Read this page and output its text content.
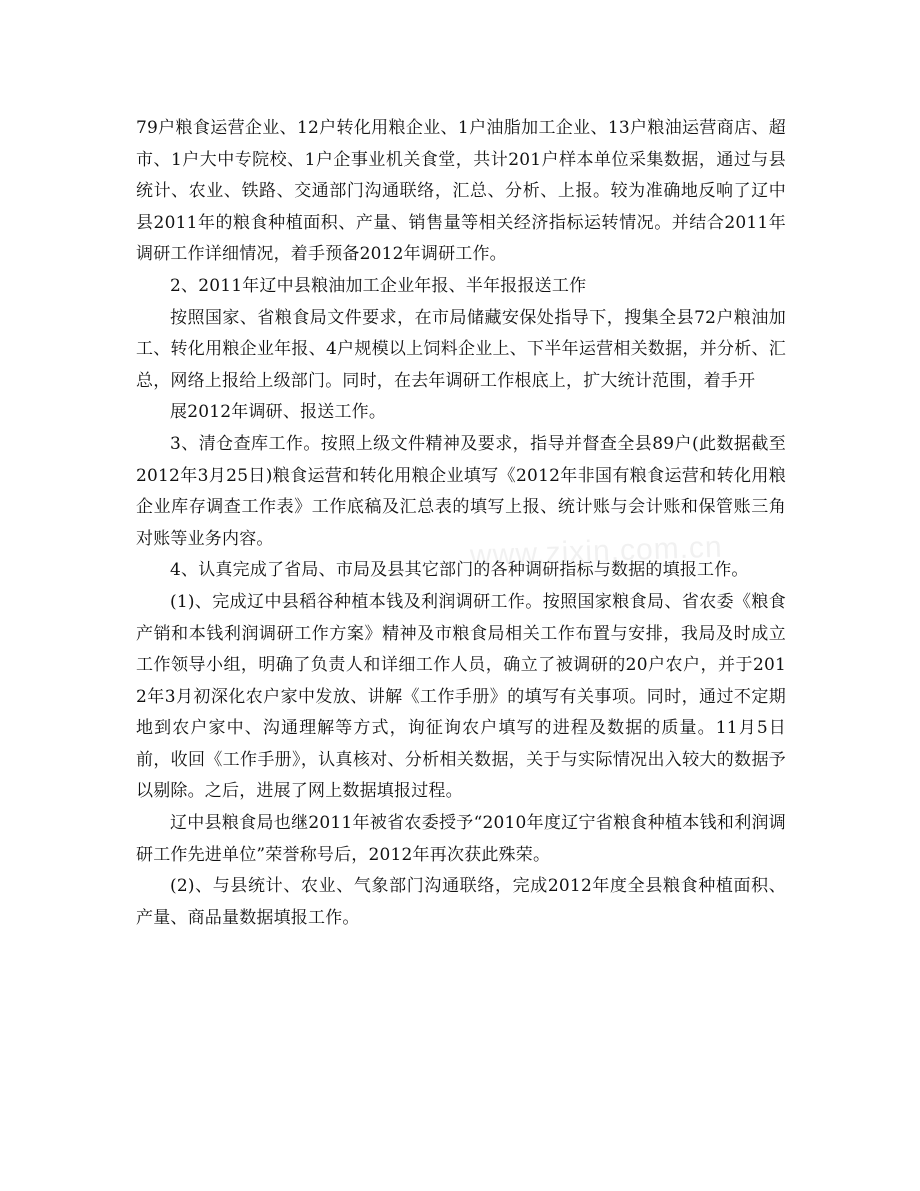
79户粮食运营企业、12户转化用粮企业、1户油脂加工企业、13户粮油运营商店、超市、1户大中专院校、1户企事业机关食堂，共计201户样本单位采集数据，通过与县统计、农业、铁路、交通部门沟通联络，汇总、分析、上报。较为准确地反响了辽中县2011年的粮食种植面积、产量、销售量等相关经济指标运转情况。并结合2011年调研工作详细情况，着手预备2012年调研工作。

2、2011年辽中县粮油加工企业年报、半年报报送工作

按照国家、省粮食局文件要求，在市局储藏安保处指导下，搜集全县72户粮油加工、转化用粮企业年报、4户规模以上饲料企业上、下半年运营相关数据，并分析、汇总，网络上报给上级部门。同时，在去年调研工作根底上，扩大统计范围，着手开

展2012年调研、报送工作。

3、清仓查库工作。按照上级文件精神及要求，指导并督查全县89户(此数据截至2012年3月25日)粮食运营和转化用粮企业填写《2012年非国有粮食运营和转化用粮企业库存调查工作表》工作底稿及汇总表的填写上报、统计账与会计账和保管账三角对账等业务内容。

4、认真完成了省局、市局及县其它部门的各种调研指标与数据的填报工作。

(1)、完成辽中县稻谷种植本钱及利润调研工作。按照国家粮食局、省农委《粮食产销和本钱利润调研工作方案》精神及市粮食局相关工作布置与安排，我局及时成立工作领导小组，明确了负责人和详细工作人员，确立了被调研的20户农户，并于2012年3月初深化农户家中发放、讲解《工作手册》的填写有关事项。同时，通过不定期地到农户家中、沟通理解等方式，询征询农户填写的进程及数据的质量。11月5日前，收回《工作手册》，认真核对、分析相关数据，关于与实际情况出入较大的数据予以剔除。之后，进展了网上数据填报过程。

辽中县粮食局也继2011年被省农委授予“2010年度辽宁省粮食种植本钱和利润调研工作先进单位”荣誉称号后，2012年再次获此殊荣。

(2)、与县统计、农业、气象部门沟通联络，完成2012年度全县粮食种植面积、产量、商品量数据填报工作。

www.zixin.com.cn
